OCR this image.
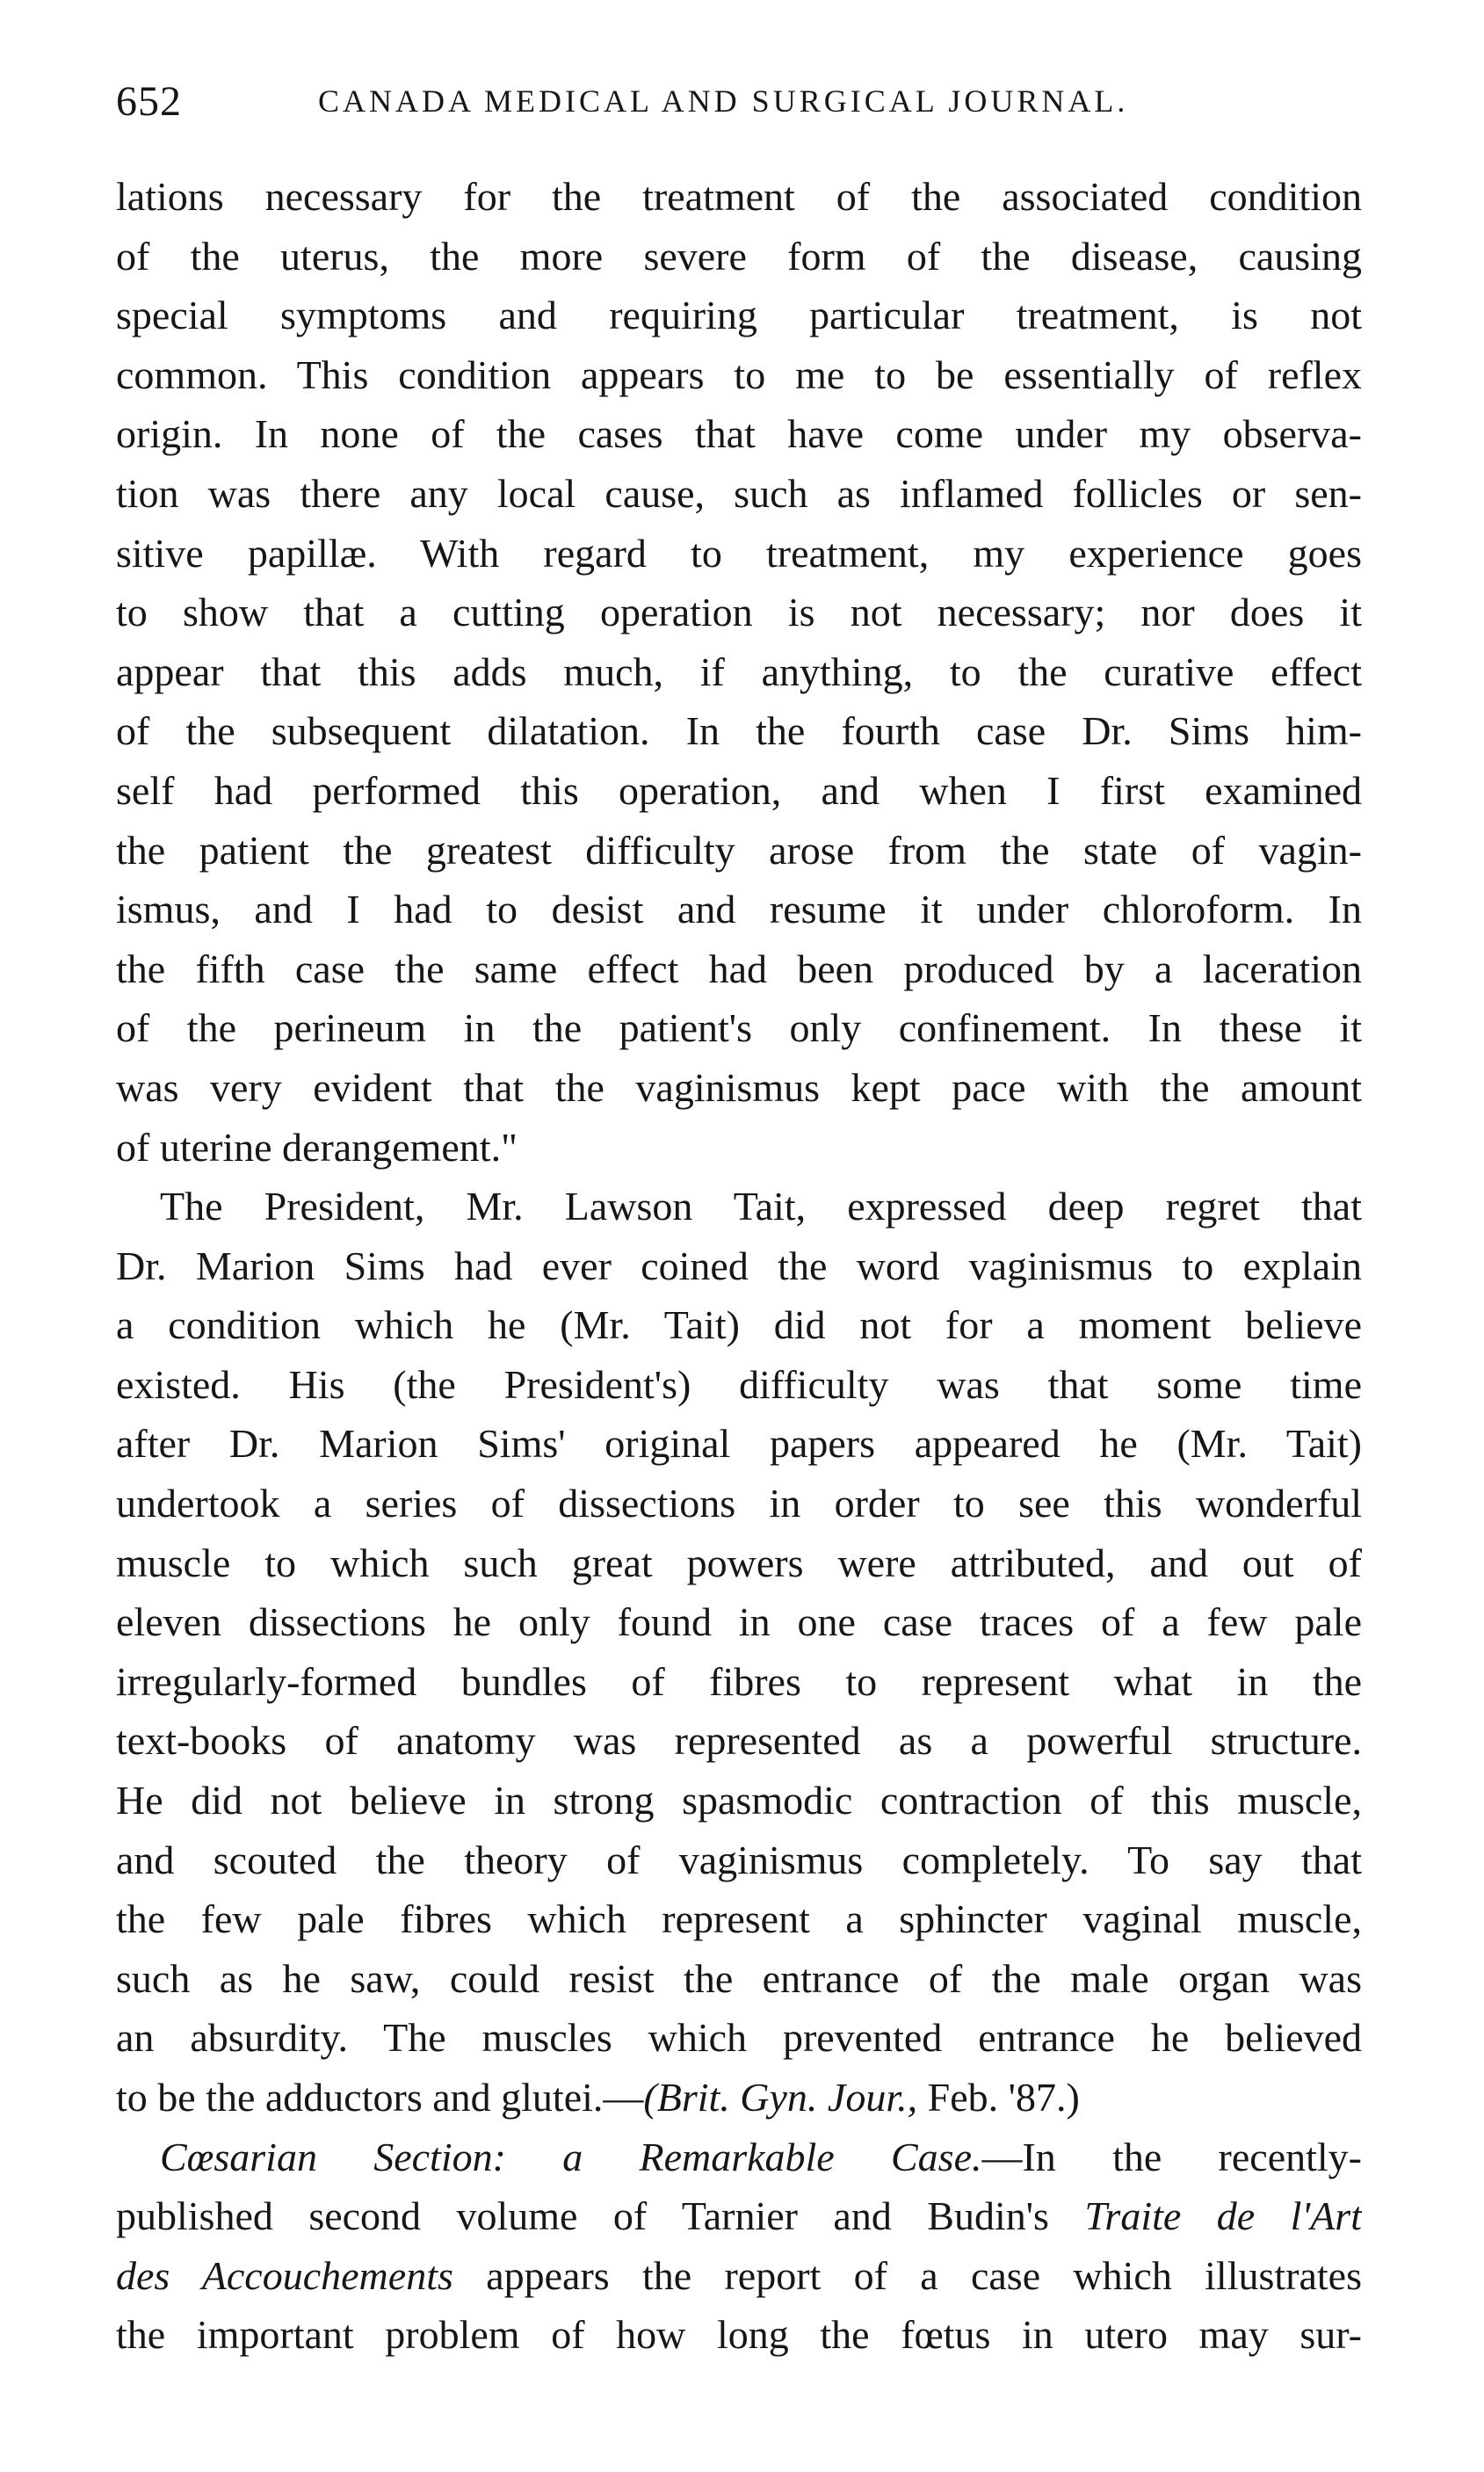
652	CANADA MEDICAL AND SURGICAL JOURNAL.
lations necessary for the treatment of the associated condition
of the uterus, the more severe form of the disease, causing
special symptoms and requiring particular treatment, is not
common. This condition appears to me to be essentially of reflex
origin. In none of the cases that have come under my observa-
tion was there any local cause, such as inflamed follicles or sen-
sitive papillæ. With regard to treatment, my experience goes
to show that a cutting operation is not necessary; nor does it
appear that this adds much, if anything, to the curative effect
of the subsequent dilatation. In the fourth case Dr. Sims him-
self had performed this operation, and when I first examined
the patient the greatest difficulty arose from the state of vagin-
ismus, and I had to desist and resume it under chloroform. In
the fifth case the same effect had been produced by a laceration
of the perineum in the patient's only confinement. In these it
was very evident that the vaginismus kept pace with the amount
of uterine derangement."
The President, Mr. Lawson Tait, expressed deep regret that
Dr. Marion Sims had ever coined the word vaginismus to explain
a condition which he (Mr. Tait) did not for a moment believe
existed. His (the President's) difficulty was that some time
after Dr. Marion Sims' original papers appeared he (Mr. Tait)
undertook a series of dissections in order to see this wonderful
muscle to which such great powers were attributed, and out of
eleven dissections he only found in one case traces of a few pale
irregularly-formed bundles of fibres to represent what in the
text-books of anatomy was represented as a powerful structure.
He did not believe in strong spasmodic contraction of this muscle,
and scouted the theory of vaginismus completely. To say that
the few pale fibres which represent a sphincter vaginal muscle,
such as he saw, could resist the entrance of the male organ was
an absurdity. The muscles which prevented entrance he believed
to be the adductors and glutei.—(Brit. Gyn. Jour., Feb. '87.)
Cœsarian Section: a Remarkable Case.—In the recently-
published second volume of Tarnier and Budin's Traite de l'Art
des Accouchements appears the report of a case which illustrates
the important problem of how long the fœtus in utero may sur-
